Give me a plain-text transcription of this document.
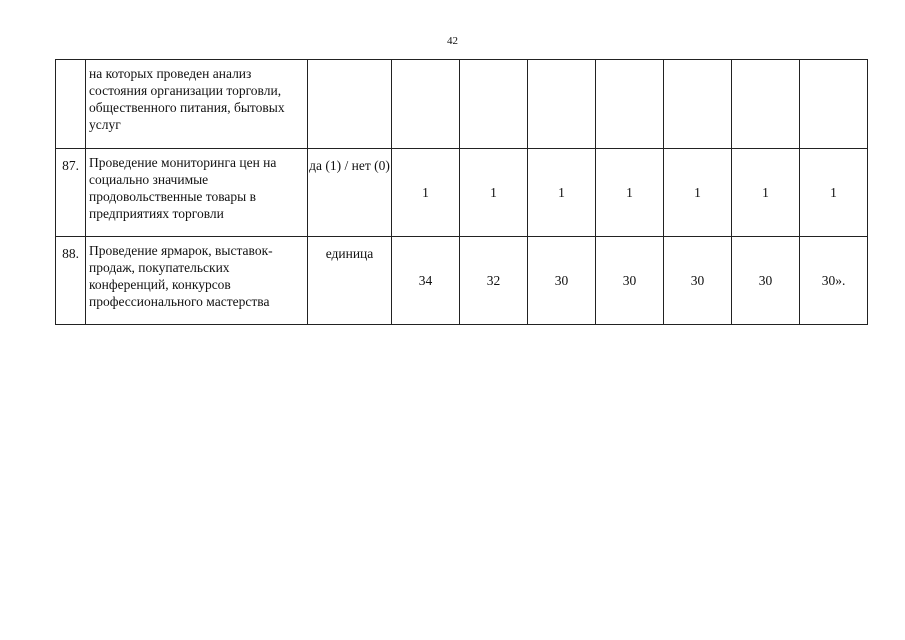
42
	на которых проведен анализ состояния организации торговли, общественного питания, бытовых услуг								
87.	Проведение мониторинга цен на социально значимые продовольственные товары в предприятиях торговли	да (1) / нет (0)	1	1	1	1	1	1	1
88.	Проведение ярмарок, выставок-продаж, покупательских конференций, конкурсов профессионального мастерства	единица	34	32	30	30	30	30	30».
